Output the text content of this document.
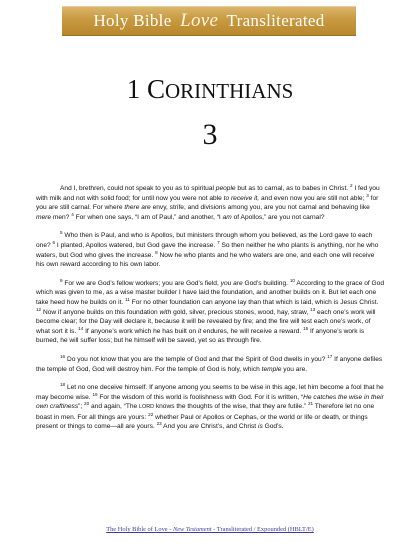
Holy Bible Love Transliterated
1 CORINTHIANS
3

And I, brethren, could not speak to you as to spiritual people but as to carnal, as to babes in Christ. $^2$ I fed you with milk and not with solid food; for until now you were not able to receive it, and even now you are still not able; $^3$ for you are still carnal. For where there are envy, strife, and divisions among you, are you not carnal and behaving like mere men? $^4$ For when one says, “I am of Paul,” and another, “I am of Apollos,” are you not carnal?

$^5$ Who then is Paul, and who is Apollos, but ministers through whom you believed, as the Lord gave to each one? $^6$ I planted, Apollos watered, but God gave the increase. $^7$ So then neither he who plants is anything, nor he who waters, but God who gives the increase. $^8$ Now he who plants and he who waters are one, and each one will receive his own reward according to his own labor.

$^9$ For we are God’s fellow workers; you are God’s field, you are God’s building. $^{10}$ According to the grace of God which was given to me, as a wise master builder I have laid the foundation, and another builds on it. But let each one take heed how he builds on it. $^{11}$ For no other foundation can anyone lay than that which is laid, which is Jesus Christ. $^{12}$ Now if anyone builds on this foundation with gold, silver, precious stones, wood, hay, straw, $^{13}$ each one’s work will become clear; for the Day will declare it, because it will be revealed by fire; and the fire will test each one’s work, of what sort it is. $^{14}$ If anyone’s work which he has built on it endures, he will receive a reward. $^{15}$ If anyone’s work is burned, he will suffer loss; but he himself will be saved, yet so as through fire.

$^{16}$ Do you not know that you are the temple of God and that the Spirit of God dwells in you? $^{17}$ If anyone defiles the temple of God, God will destroy him. For the temple of God is holy, which temple you are.

$^{18}$ Let no one deceive himself. If anyone among you seems to be wise in this age, let him become a fool that he may become wise. $^{19}$ For the wisdom of this world is foolishness with God. For it is written, “He catches the wise in their own craftiness”; $^{20}$ and again, “The LORD knows the thoughts of the wise, that they are futile.” $^{21}$ Therefore let no one boast in men. For all things are yours: $^{22}$ whether Paul or Apollos or Cephas, or the world or life or death, or things present or things to come—all are yours. $^{23}$ And you are Christ’s, and Christ is God’s.

The Holy Bible of Love - New Testament - Transliterated / Expounded (HBLT/E)
